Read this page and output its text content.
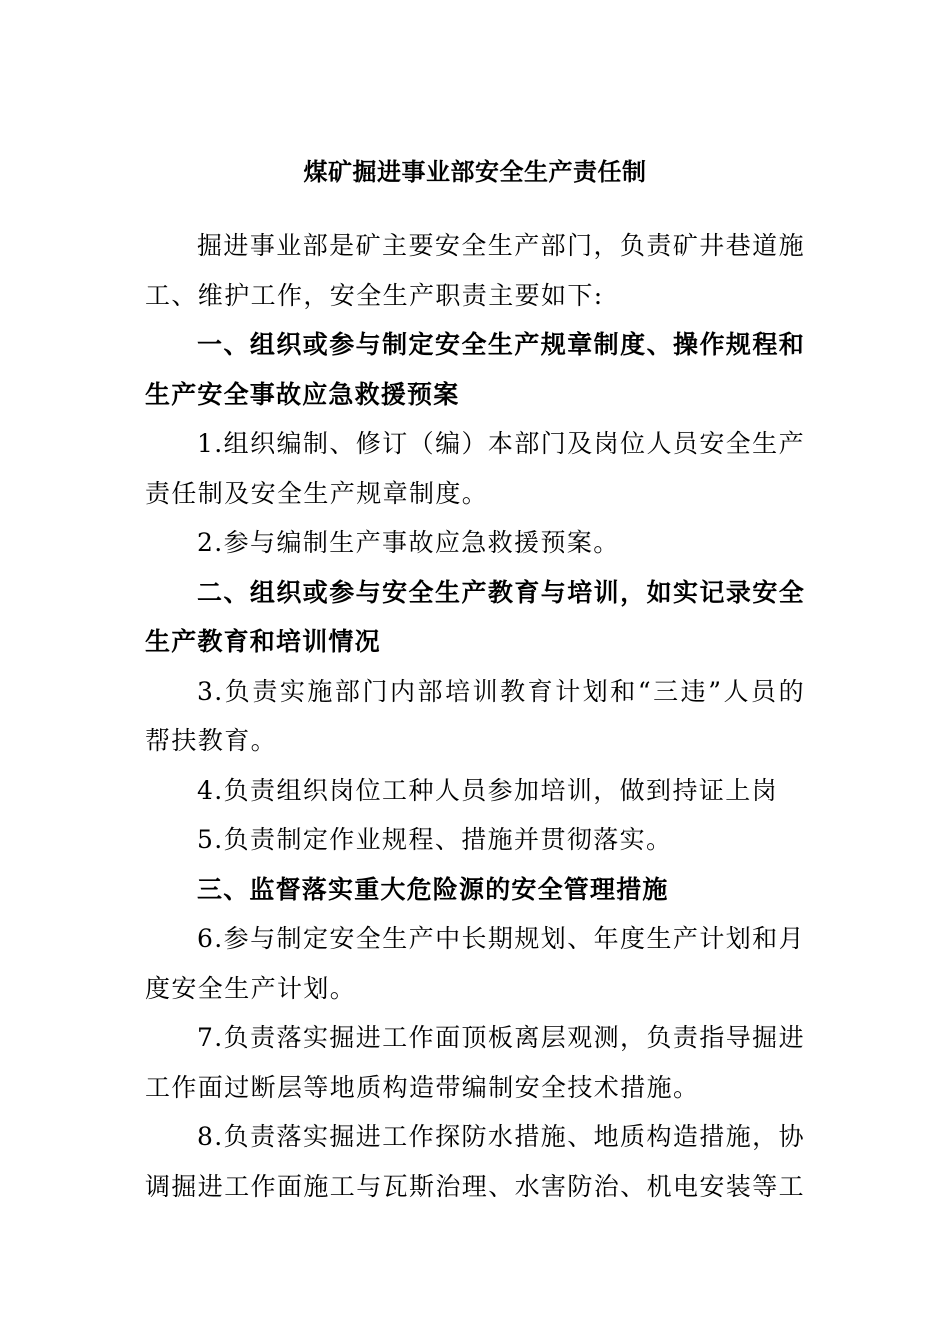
煤矿掘进事业部安全生产责任制

掘进事业部是矿主要安全生产部门，负责矿井巷道施工、维护工作，安全生产职责主要如下:

一、组织或参与制定安全生产规章制度、操作规程和生产安全事故应急救援预案

1.组织编制、修订（编）本部门及岗位人员安全生产责任制及安全生产规章制度。

2.参与编制生产事故应急救援预案。

二、组织或参与安全生产教育与培训，如实记录安全生产教育和培训情况

3.负责实施部门内部培训教育计划和“三违”人员的帮扶教育。

4.负责组织岗位工种人员参加培训，做到持证上岗

5.负责制定作业规程、措施并贯彻落实。

三、监督落实重大危险源的安全管理措施

6.参与制定安全生产中长期规划、年度生产计划和月度安全生产计划。

7.负责落实掘进工作面顶板离层观测，负责指导掘进工作面过断层等地质构造带编制安全技术措施。

8.负责落实掘进工作探防水措施、地质构造措施，协调掘进工作面施工与瓦斯治理、水害防治、机电安装等工
